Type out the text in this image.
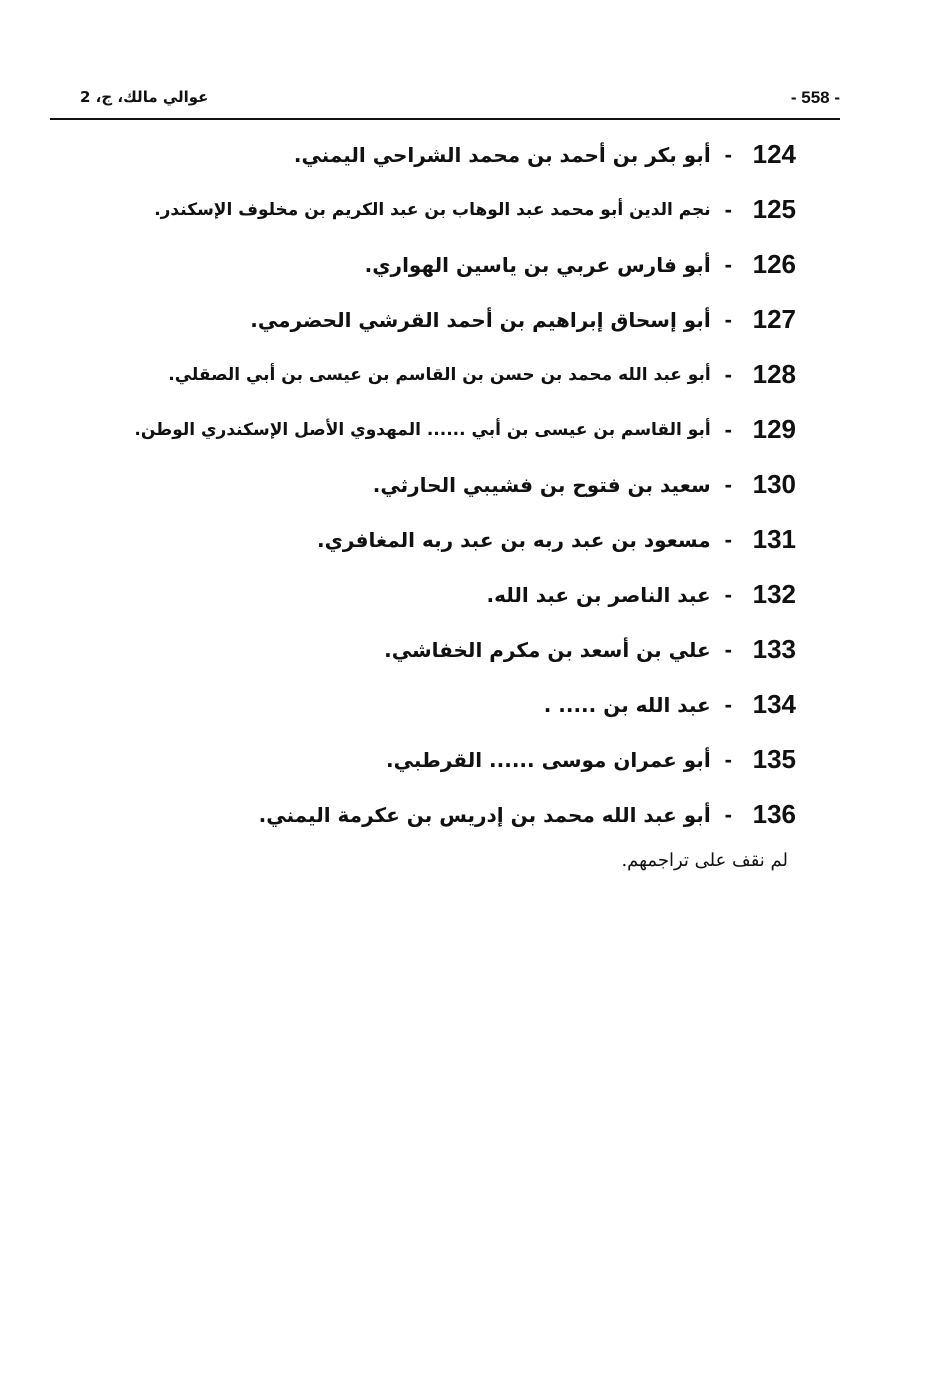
- 558 -
عوالي مالك، ج، 2
124
-
أبو بكر بن أحمد بن محمد الشراحي اليمني.
125
-
نجم الدين أبو محمد عبد الوهاب بن عبد الكريم بن مخلوف الإسكندر.
126
-
أبو فارس عربي بن ياسين الهواري.
127
-
أبو إسحاق إبراهيم بن أحمد القرشي الحضرمي.
128
-
أبو عبد الله محمد بن حسن بن القاسم بن عيسى بن أبي الصقلي.
129
-
أبو القاسم بن عيسى بن أبي ...... المهدوي الأصل الإسكندري الوطن.
130
-
سعيد بن فتوح بن فشيبي الحارثي.
131
-
مسعود بن عبد ربه بن عبد ربه المغافري.
132
-
عبد الناصر بن عبد الله.
133
-
علي بن أسعد بن مكرم الخفاشي.
134
-
عبد الله بن ..... .
135
-
أبو عمران موسى ...... القرطبي.
136
-
أبو عبد الله محمد بن إدريس بن عكرمة اليمني.
لم نقف على تراجمهم.
